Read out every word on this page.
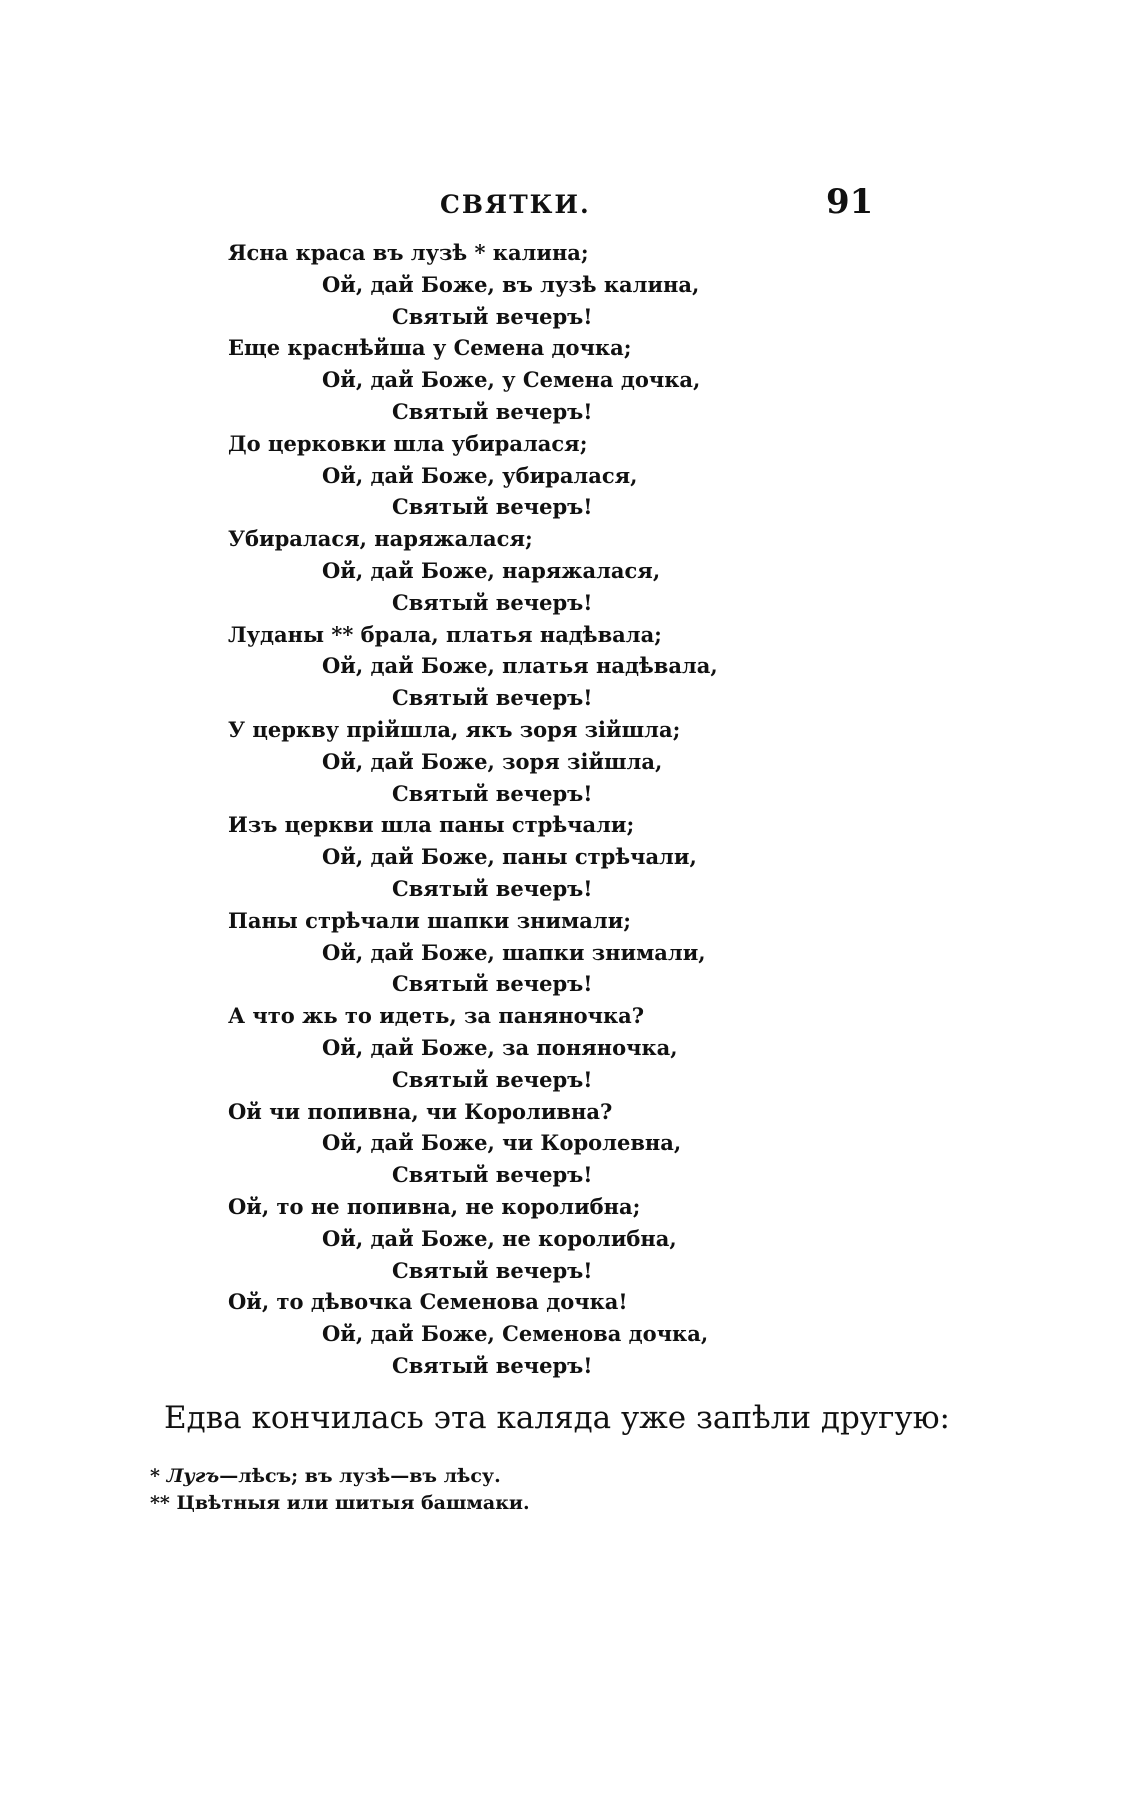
СВЯТКИ.	91
Ясна краса въ лузѣ * калина;
Ой, дай Боже, въ лузѣ калина,
Святый вечеръ!
Еще краснѣйша у Семена дочка;
Ой, дай Боже, у Семена дочка,
Святый вечеръ!
До церковки шла убиралася;
Ой, дай Боже, убиралася,
Святый вечеръ!
Убиралася, наряжалася;
Ой, дай Боже, наряжалася,
Святый вечеръ!
Луданы ** брала, платья надѣвала;
Ой, дай Боже, платья надѣвала,
Святый вечеръ!
У церкву прійшла, якъ зоря зійшла;
Ой, дай Боже, зоря зійшла,
Святый вечеръ!
Изъ церкви шла паны стрѣчали;
Ой, дай Боже, паны стрѣчали,
Святый вечеръ!
Паны стрѣчали шапки знимали;
Ой, дай Боже, шапки знимали,
Святый вечеръ!
А что жь то идеть, за паняночка?
Ой, дай Боже, за поняночка,
Святый вечеръ!
Ой чи попивна, чи Короливна?
Ой, дай Боже, чи Королевна,
Святый вечеръ!
Ой, то не попивна, не королибна;
Ой, дай Боже, не королибна,
Святый вечеръ!
Ой, то дѣвочка Семенова дочка!
Ой, дай Боже, Семенова дочка,
Святый вечеръ!
Едва кончилась эта каляда уже запѣли другую:
* Лугъ—лѣсъ; въ лузѣ—въ лѣсу.
** Цвѣтныя или шитыя башмаки.
